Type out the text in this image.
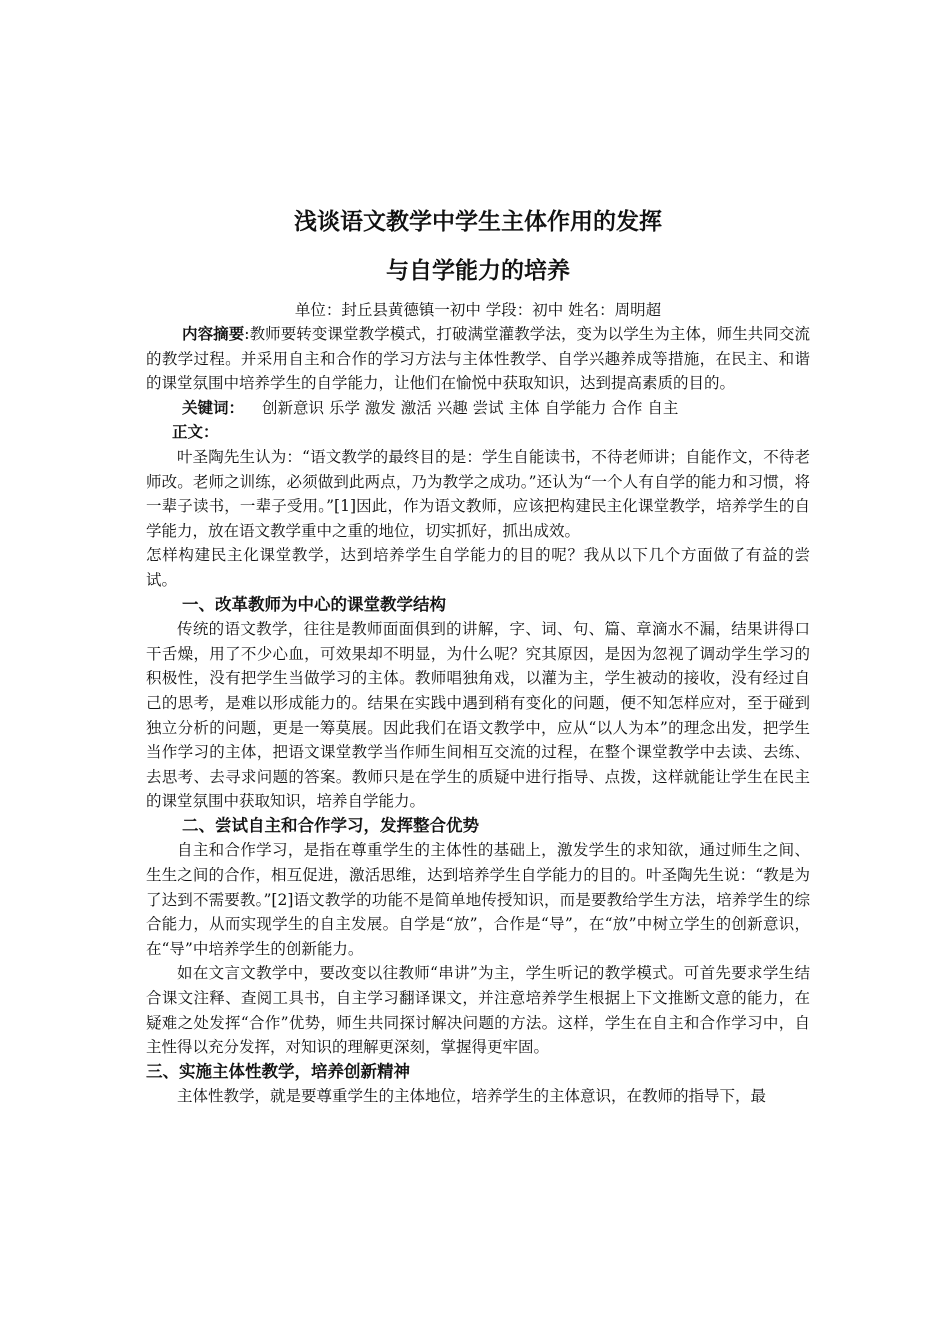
浅谈语文教学中学生主体作用的发挥
与自学能力的培养
单位：封丘县黄德镇一初中 学段：初中 姓名：周明超

内容摘要:教师要转变课堂教学模式，打破满堂灌教学法，变为以学生为主体，师生共同交流的教学过程。并采用自主和合作的学习方法与主体性教学、自学兴趣养成等措施，在民主、和谐的课堂氛围中培养学生的自学能力，让他们在愉悦中获取知识，达到提高素质的目的。

关键词： 创新意识 乐学 激发 激活 兴趣 尝试 主体 自学能力 合作 自主

正文：

叶圣陶先生认为：“语文教学的最终目的是：学生自能读书，不待老师讲；自能作文，不待老师改。老师之训练，必须做到此两点，乃为教学之成功。”还认为“一个人有自学的能力和习惯，将一辈子读书，一辈子受用。”[1]因此，作为语文教师，应该把构建民主化课堂教学，培养学生的自学能力，放在语文教学重中之重的地位，切实抓好，抓出成效。

怎样构建民主化课堂教学，达到培养学生自学能力的目的呢？我从以下几个方面做了有益的尝试。

一、改革教师为中心的课堂教学结构

传统的语文教学，往往是教师面面俱到的讲解，字、词、句、篇、章滴水不漏，结果讲得口干舌燥，用了不少心血，可效果却不明显，为什么呢？究其原因，是因为忽视了调动学生学习的积极性，没有把学生当做学习的主体。教师唱独角戏，以灌为主，学生被动的接收，没有经过自己的思考，是难以形成能力的。结果在实践中遇到稍有变化的问题，便不知怎样应对，至于碰到独立分析的问题，更是一筹莫展。因此我们在语文教学中，应从“以人为本”的理念出发，把学生当作学习的主体，把语文课堂教学当作师生间相互交流的过程，在整个课堂教学中去读、去练、去思考、去寻求问题的答案。教师只是在学生的质疑中进行指导、点拨，这样就能让学生在民主的课堂氛围中获取知识，培养自学能力。

二、尝试自主和合作学习，发挥整合优势

自主和合作学习，是指在尊重学生的主体性的基础上，激发学生的求知欲，通过师生之间、生生之间的合作，相互促进，激活思维，达到培养学生自学能力的目的。叶圣陶先生说：“教是为了达到不需要教。”[2]语文教学的功能不是简单地传授知识，而是要教给学生方法，培养学生的综合能力，从而实现学生的自主发展。自学是“放”，合作是“导”，在“放”中树立学生的创新意识，在“导”中培养学生的创新能力。

如在文言文教学中，要改变以往教师“串讲”为主，学生听记的教学模式。可首先要求学生结合课文注释、查阅工具书，自主学习翻译课文，并注意培养学生根据上下文推断文意的能力，在疑难之处发挥“合作”优势，师生共同探讨解决问题的方法。这样，学生在自主和合作学习中，自主性得以充分发挥，对知识的理解更深刻，掌握得更牢固。

三、实施主体性教学，培养创新精神

主体性教学，就是要尊重学生的主体地位，培养学生的主体意识，在教师的指导下，最
